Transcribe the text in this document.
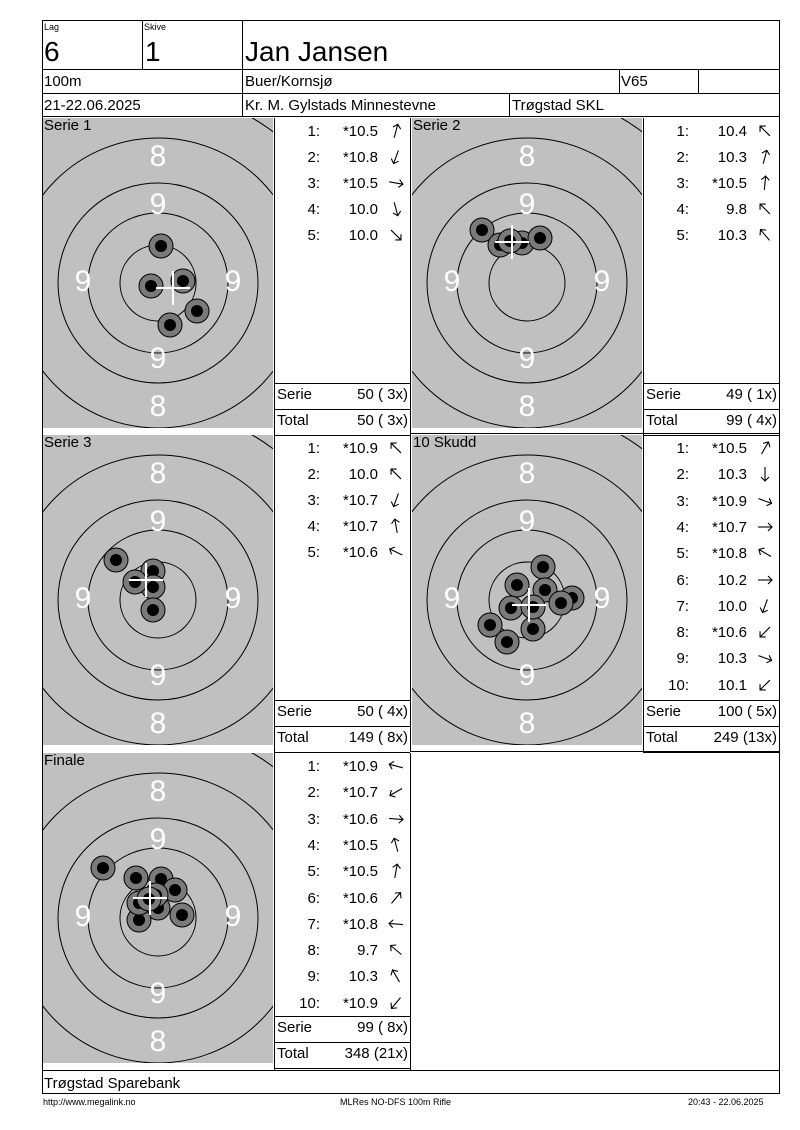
Lag
6
Skive
1	Jan Jansen
100m	Buer/Kornsjø	V65
21-22.06.2025	Kr. M. Gylstads Minnestevne	Trøgstad SKL
8
8
9
9
9	9
Serie 1	1:	*10.5
2:	*10.8
3:	*10.5
4:	10.0
5:	10.0
Serie	50 ( 3x)
Total	50 ( 3x)
8
8
9
9
9	9
Serie 2	1:	10.4
2:	10.3
3:	*10.5
4:	9.8
5:	10.3
Serie	49 ( 1x)
Total	99 ( 4x)
8
8
9
9
9	9
Serie 3	1:	*10.9
2:	10.0
3:	*10.7
4:	*10.7
5:	*10.6
Serie	50 ( 4x)
Total	149 ( 8x)
8
8
9
9
9	9
10 Skudd	1:	*10.5
2:	10.3
3:	*10.9
4:	*10.7
5:	*10.8
6:	10.2
7:	10.0
8:	*10.6
9:	10.3
10:	10.1
Serie	100 ( 5x)
Total	249 (13x)
8
8
9
9
9	9
Finale	1:	*10.9
2:	*10.7
3:	*10.6
4:	*10.5
5:	*10.5
6:	*10.6
7:	*10.8
8:	9.7
9:	10.3
10:	*10.9
Serie	99 ( 8x)
Total	348 (21x)
Trøgstad Sparebank
http://www.megalink.no	MLRes NO-DFS 100m Rifle	20:43 - 22.06.2025
